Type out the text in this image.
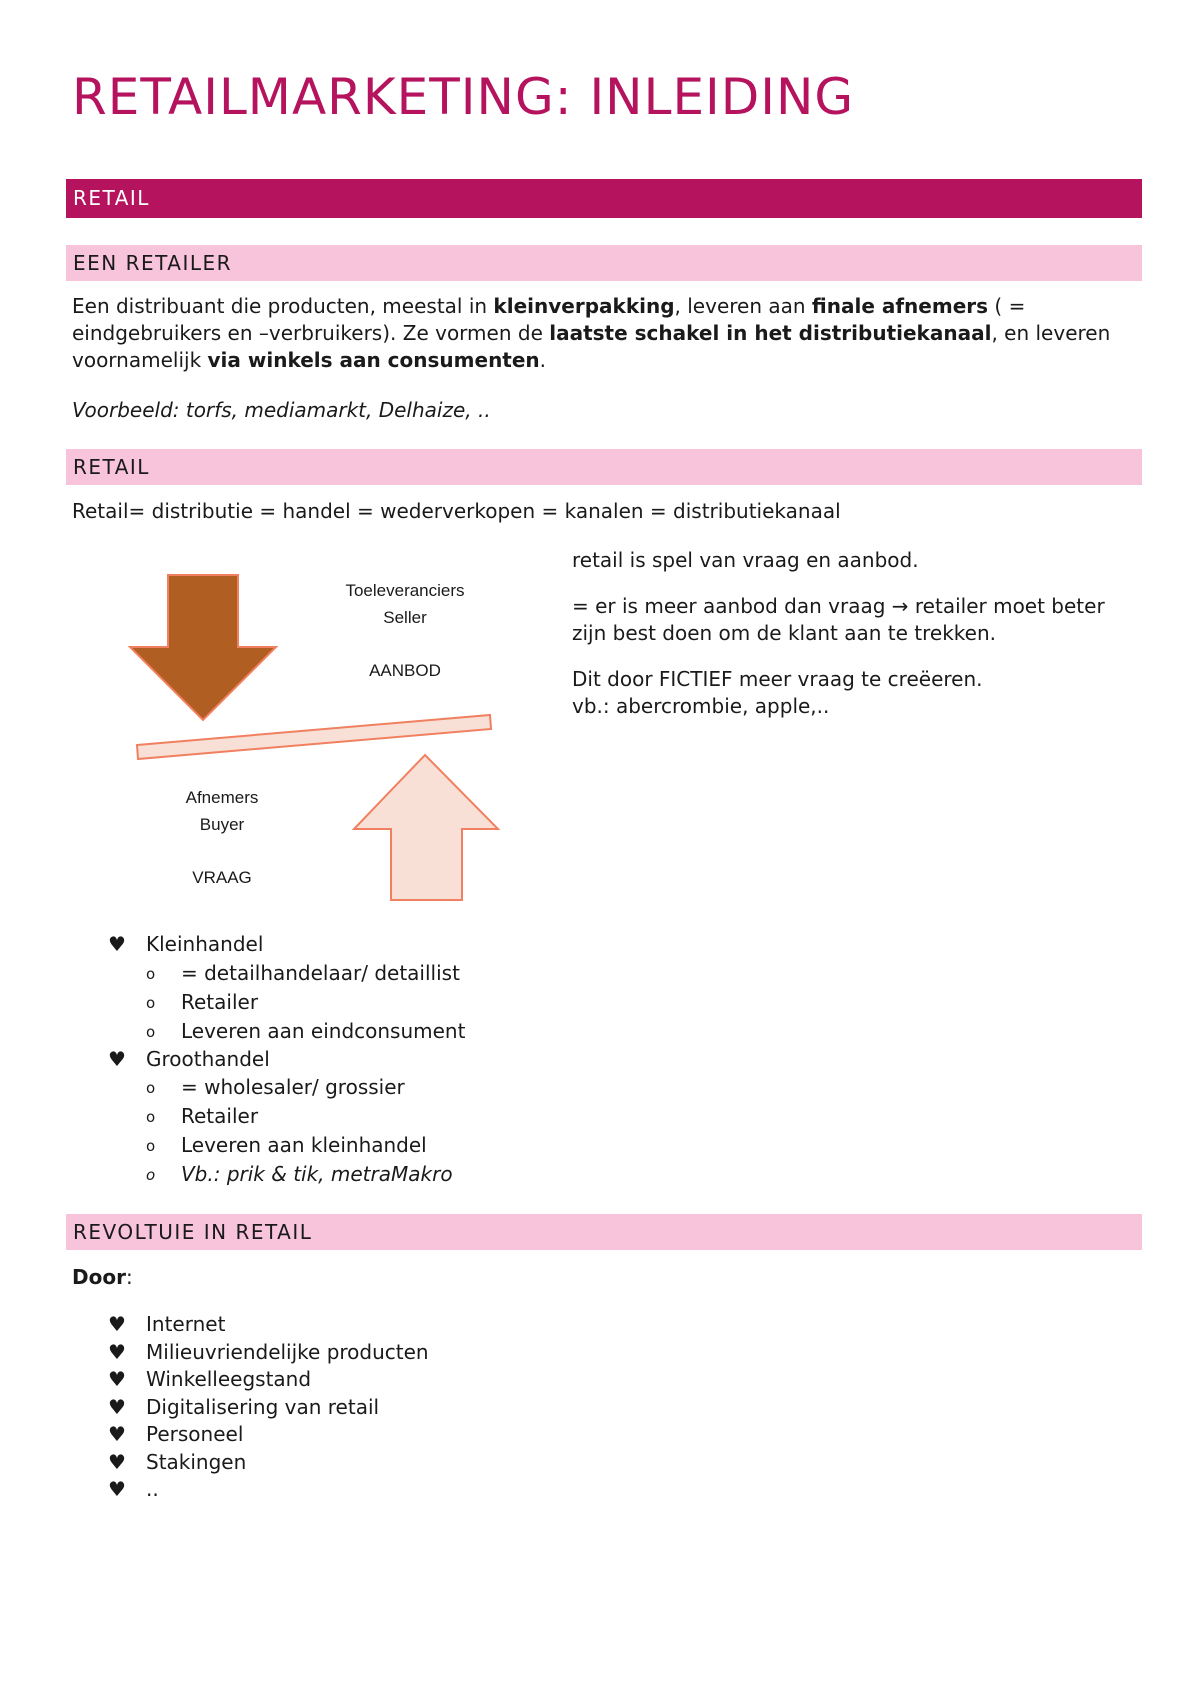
RETAILMARKETING: INLEIDING
RETAIL
EEN RETAILER

Een distribuant die producten, meestal in kleinverpakking, leveren aan finale afnemers ( =
eindgebruikers en –verbruikers). Ze vormen de laatste schakel in het distributiekanaal, en leveren
voornamelijk via winkels aan consumenten.

Voorbeeld: torfs, mediamarkt, Delhaize, ..

RETAIL

Retail= distributie = handel = wederverkopen = kanalen = distributiekanaal

Toeleveranciers
Seller
AANBOD
Afnemers
Buyer
VRAAG

retail is spel van vraag en aanbod.

= er is meer aanbod dan vraag → retailer moet beter

zijn best doen om de klant aan te trekken.

Dit door FICTIEF meer vraag te creëeren.

vb.: abercrombie, apple,..

♥ Kleinhandel
o = detailhandelaar/ detaillist
o Retailer
o Leveren aan eindconsument
♥ Groothandel
o = wholesaler/ grossier
o Retailer
o Leveren aan kleinhandel
o Vb.: prik & tik, metraMakro
REVOLTUIE IN RETAIL

Door:

♥ Internet
♥ Milieuvriendelijke producten
♥ Winkelleegstand
♥ Digitalisering van retail
♥ Personeel
♥ Stakingen
♥ ..
